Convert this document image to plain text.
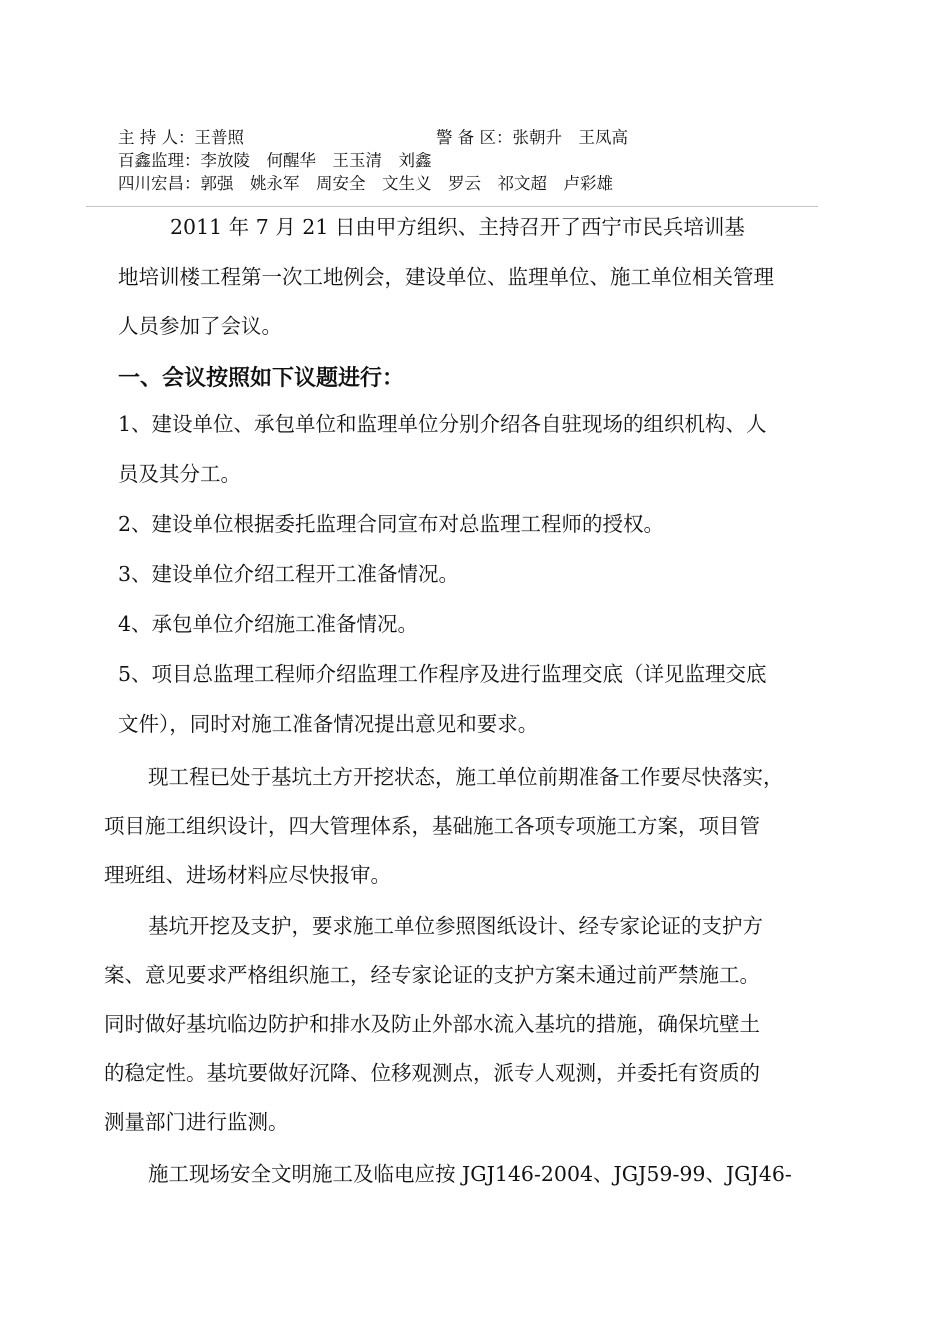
主 持 人：王普照	警 备 区：张朝升　王凤高
百鑫监理：李放陵　何醒华　王玉清　刘鑫
四川宏昌：郭强　姚永军　周安全　文生义　罗云　祁文超　卢彩雄
2011 年 7 月 21 日由甲方组织、主持召开了西宁市民兵培训基
地培训楼工程第一次工地例会，建设单位、监理单位、施工单位相关管理
人员参加了会议。
一、会议按照如下议题进行：
1、建设单位、承包单位和监理单位分别介绍各自驻现场的组织机构、人
员及其分工。
2、建设单位根据委托监理合同宣布对总监理工程师的授权。
3、建设单位介绍工程开工准备情况。
4、承包单位介绍施工准备情况。
5、项目总监理工程师介绍监理工作程序及进行监理交底（详见监理交底
文件），同时对施工准备情况提出意见和要求。
现工程已处于基坑土方开挖状态，施工单位前期准备工作要尽快落实，
项目施工组织设计，四大管理体系，基础施工各项专项施工方案，项目管
理班组、进场材料应尽快报审。
基坑开挖及支护，要求施工单位参照图纸设计、经专家论证的支护方
案、意见要求严格组织施工，经专家论证的支护方案未通过前严禁施工。
同时做好基坑临边防护和排水及防止外部水流入基坑的措施，确保坑壁土
的稳定性。基坑要做好沉降、位移观测点，派专人观测，并委托有资质的
测量部门进行监测。
施工现场安全文明施工及临电应按 JGJ146-2004、JGJ59-99、JGJ46-
